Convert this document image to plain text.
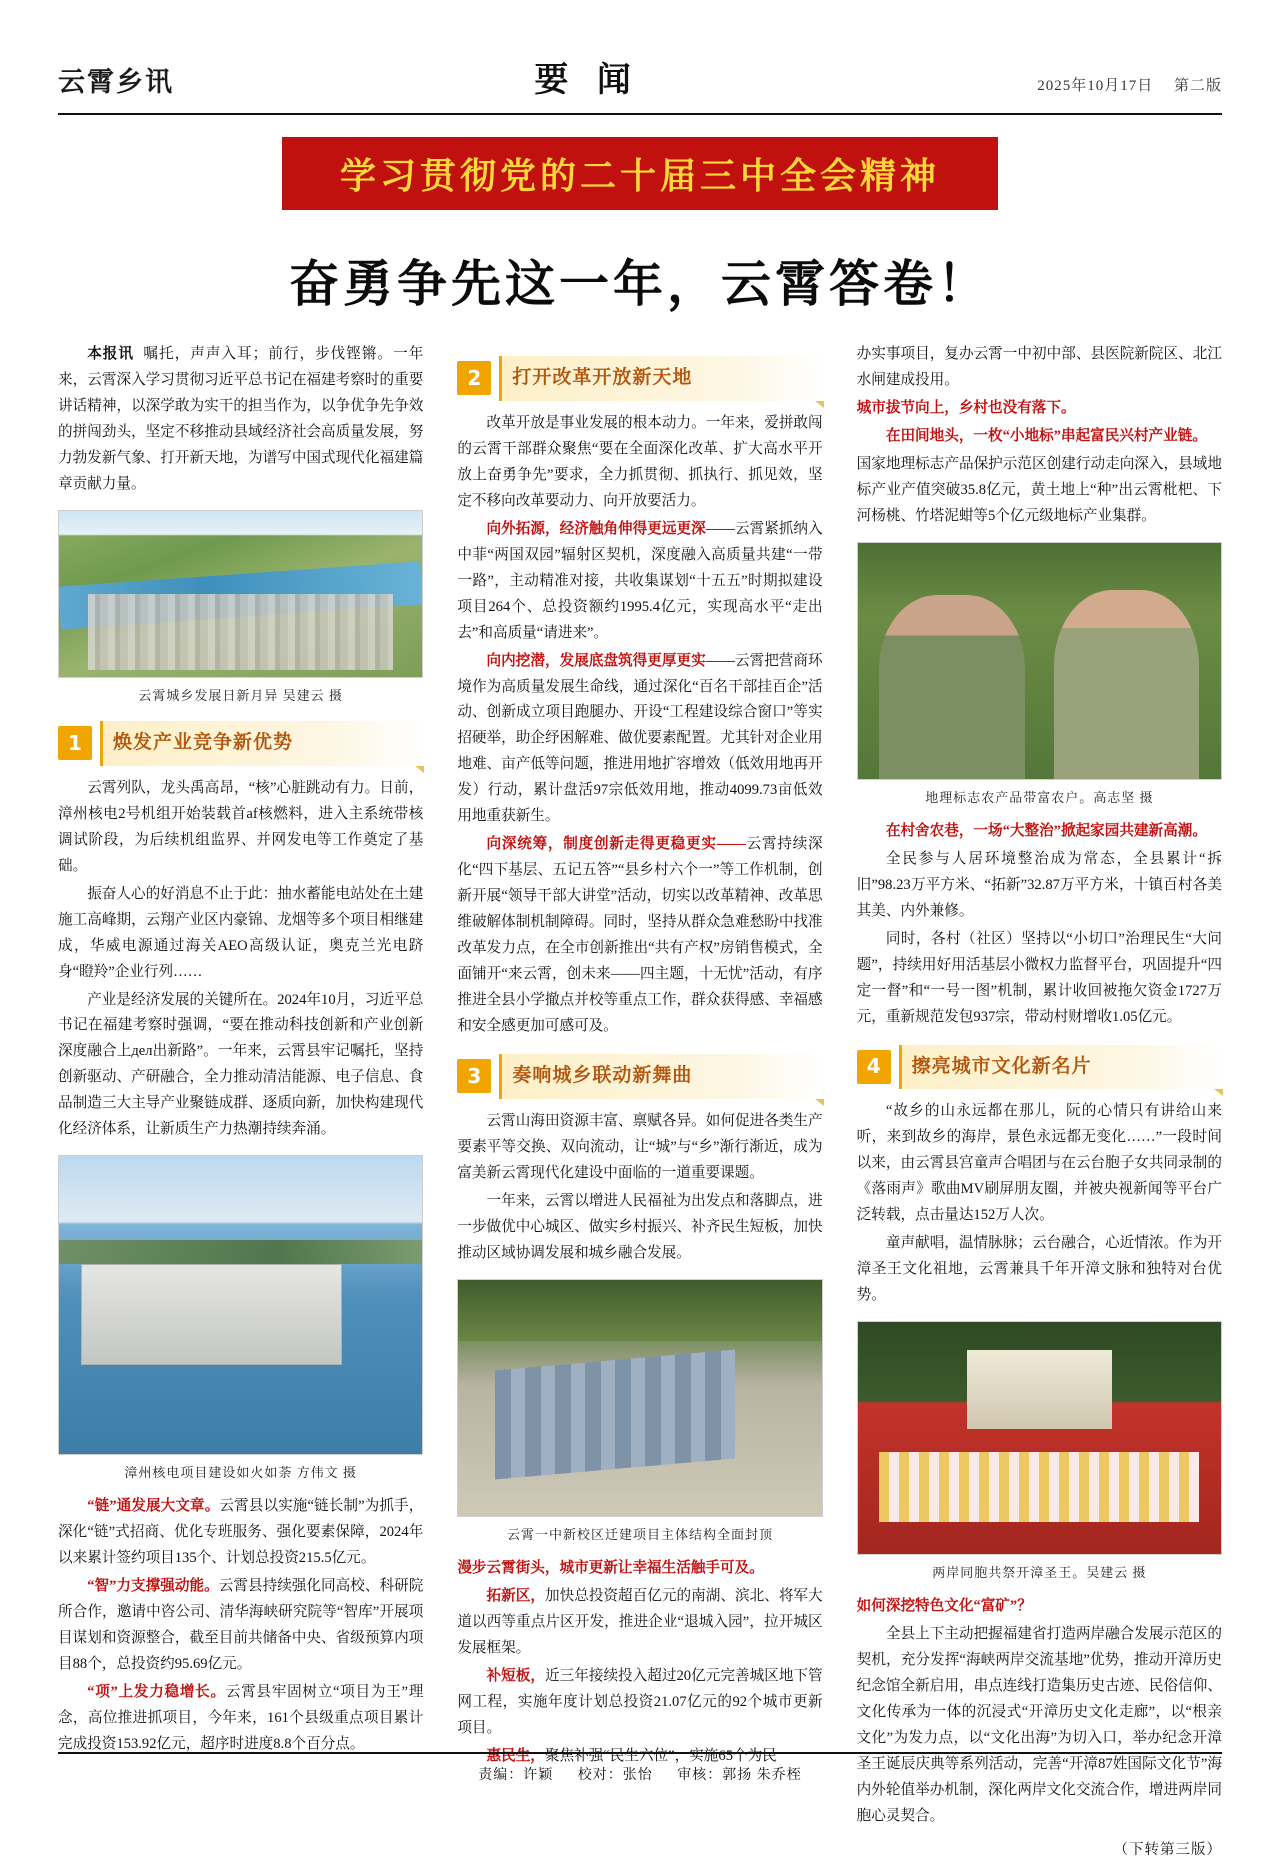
云霄乡讯	要 闻	2025年10月17日 第二版
学习贯彻党的二十届三中全会精神
奋勇争先这一年，云霄答卷！

本报讯 嘱托，声声入耳；前行，步伐铿锵。一年来，云霄深入学习贯彻习近平总书记在福建考察时的重要讲话精神，以深学敢为实干的担当作为，以争优争先争效的拼闯劲头，坚定不移推动县域经济社会高质量发展，努力勃发新气象、打开新天地，为谱写中国式现代化福建篇章贡献力量。

云霄城乡发展日新月异 吴建云 摄
1	焕发产业竞争新优势

云霄列队，龙头禹高昂，“核”心脏跳动有力。日前，漳州核电2号机组开始装载首af核燃料，进入主系统带核调试阶段，为后续机组监界、并网发电等工作奠定了基础。

振奋人心的好消息不止于此：抽水蓄能电站处在土建施工高峰期，云翔产业区内豪锦、龙烟等多个项目相继建成，华威电源通过海关AEO高级认证，奥克兰光电跻身“瞪羚”企业行列……

产业是经济发展的关键所在。2024年10月，习近平总书记在福建考察时强调，“要在推动科技创新和产业创新深度融合上дел出新路”。一年来，云霄县牢记嘱托，坚持创新驱动、产研融合，全力推动清洁能源、电子信息、食品制造三大主导产业聚链成群、逐质向新，加快构建现代化经济体系，让新质生产力热潮持续奔涌。

漳州核电项目建设如火如荼 方伟文 摄

“链”通发展大文章。云霄县以实施“链长制”为抓手，深化“链”式招商、优化专班服务、强化要素保障，2024年以来累计签约项目135个、计划总投资215.5亿元。

“智”力支撑强动能。云霄县持续强化同高校、科研院所合作，邀请中咨公司、清华海峡研究院等“智库”开展项目谋划和资源整合，截至目前共储备中央、省级预算内项目88个，总投资约95.69亿元。

“项”上发力稳增长。云霄县牢固树立“项目为王”理念，高位推进抓项目，今年来，161个县级重点项目累计完成投资153.92亿元，超序时进度8.8个百分点。

2	打开改革开放新天地

改革开放是事业发展的根本动力。一年来，爱拼敢闯的云霄干部群众聚焦“要在全面深化改革、扩大高水平开放上奋勇争先”要求，全力抓贯彻、抓执行、抓见效，坚定不移向改革要动力、向开放要活力。

向外拓源，经济触角伸得更远更深——云霄紧抓纳入中菲“两国双园”辐射区契机，深度融入高质量共建“一带一路”，主动精准对接，共收集谋划“十五五”时期拟建设项目264个、总投资额约1995.4亿元，实现高水平“走出去”和高质量“请进来”。

向内挖潜，发展底盘筑得更厚更实——云霄把营商环境作为高质量发展生命线，通过深化“百名干部挂百企”活动、创新成立项目跑腿办、开设“工程建设综合窗口”等实招硬举，助企纾困解难、做优要素配置。尤其针对企业用地难、亩产低等问题，推进用地扩容增效（低效用地再开发）行动，累计盘活97宗低效用地，推动4099.73亩低效用地重获新生。

向深统筹，制度创新走得更稳更实——云霄持续深化“四下基层、五记五答”“县乡村六个一”等工作机制，创新开展“领导干部大讲堂”活动，切实以改革精神、改革思维破解体制机制障碍。同时，坚持从群众急难愁盼中找准改革发力点，在全市创新推出“共有产权”房销售模式，全面铺开“来云霄，创未来——四主题，十无忧”活动，有序推进全县小学撤点并校等重点工作，群众获得感、幸福感和安全感更加可感可及。

3	奏响城乡联动新舞曲

云霄山海田资源丰富、禀赋各异。如何促进各类生产要素平等交换、双向流动，让“城”与“乡”渐行渐近，成为富美新云霄现代化建设中面临的一道重要课题。

一年来，云霄以增进人民福祉为出发点和落脚点，进一步做优中心城区、做实乡村振兴、补齐民生短板，加快推动区域协调发展和城乡融合发展。

云霄一中新校区迁建项目主体结构全面封顶

漫步云霄街头，城市更新让幸福生活触手可及。

拓新区，加快总投资超百亿元的南湖、滨北、将军大道以西等重点片区开发，推进企业“退城入园”，拉开城区发展框架。

补短板，近三年接续投入超过20亿元完善城区地下管网工程，实施年度计划总投资21.07亿元的92个城市更新项目。

惠民生，聚焦补强“民生六位”，实施65个为民

办实事项目，复办云霄一中初中部、县医院新院区、北江水闸建成投用。

城市拔节向上，乡村也没有落下。

在田间地头，一枚“小地标”串起富民兴村产业链。

国家地理标志产品保护示范区创建行动走向深入，县域地标产业产值突破35.8亿元，黄土地上“种”出云霄枇杷、下河杨桃、竹塔泥蚶等5个亿元级地标产业集群。

地理标志农产品带富农户。高志坚 摄

在村舍农巷，一场“大整治”掀起家园共建新高潮。

全民参与人居环境整治成为常态，全县累计“拆旧”98.23万平方米、“拓新”32.87万平方米，十镇百村各美其美、内外兼修。

同时，各村（社区）坚持以“小切口”治理民生“大问题”，持续用好用活基层小微权力监督平台，巩固提升“四定一督”和“一号一图”机制，累计收回被拖欠资金1727万元，重新规范发包937宗，带动村财增收1.05亿元。

4	擦亮城市文化新名片

“故乡的山永远都在那儿，阮的心情只有讲给山来听，来到故乡的海岸，景色永远都无变化……”一段时间以来，由云霄县宫童声合唱团与在云台胞子女共同录制的《落雨声》歌曲MV刷屏朋友圈，并被央视新闻等平台广泛转载，点击量达152万人次。

童声献唱，温情脉脉；云台融合，心近情浓。作为开漳圣王文化祖地，云霄兼具千年开漳文脉和独特对台优势。

两岸同胞共祭开漳圣王。吴建云 摄

如何深挖特色文化“富矿”？

全县上下主动把握福建省打造两岸融合发展示范区的契机，充分发挥“海峡两岸交流基地”优势，推动开漳历史纪念馆全新启用，串点连线打造集历史古迹、民俗信仰、文化传承为一体的沉浸式“开漳历史文化走廊”，以“根亲文化”为发力点，以“文化出海”为切入口，举办纪念开漳圣王诞辰庆典等系列活动，完善“开漳87姓国际文化节”海内外轮值举办机制，深化两岸文化交流合作，增进两岸同胞心灵契合。

（下转第三版）
责编：许颖 校对：张怡 审核：郭扬 朱乔桎
